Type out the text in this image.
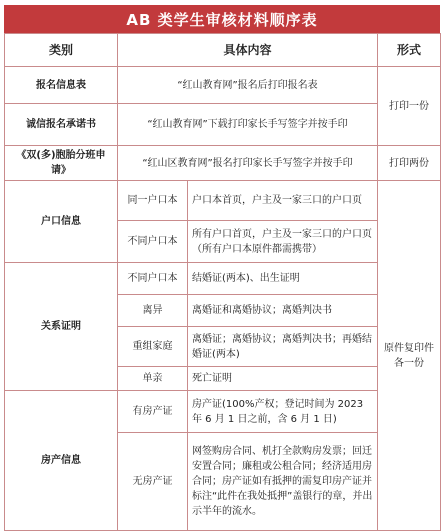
AB 类学生审核材料顺序表
类别	具体内容		形式
报名信息表	“红山教育网”报名后打印报名表		打印一份
诚信报名承诺书	“红山教育网”下载打印家长手写签字并按手印		
《双(多)胞胎分班申请》	“红山区教育网”报名打印家长手写签字并按手印		打印两份
户口信息	同一户口本	户口本首页，户主及一家三口的户口页	原件复印件各一份
	不同户口本	所有户口首页，户主及一家三口的户口页（所有户口本原件都需携带）	
关系证明	不同户口本	结婚证(两本)、出生证明	
	离异	离婚证和离婚协议；离婚判决书	
	重组家庭	离婚证；离婚协议；离婚判决书；再婚结婚证(两本)	
	单亲	死亡证明	
房产信息	有房产证	房产证(100%产权；登记时间为 2023 年 6 月 1 日之前，含 6 月 1 日)	
	无房产证	网签购房合同、机打全款购房发票；回迁安置合同；廉租或公租合同；经济适用房合同；房产证如有抵押的需复印房产证并标注“此件在我处抵押”盖银行的章，并出示半年的流水。	
